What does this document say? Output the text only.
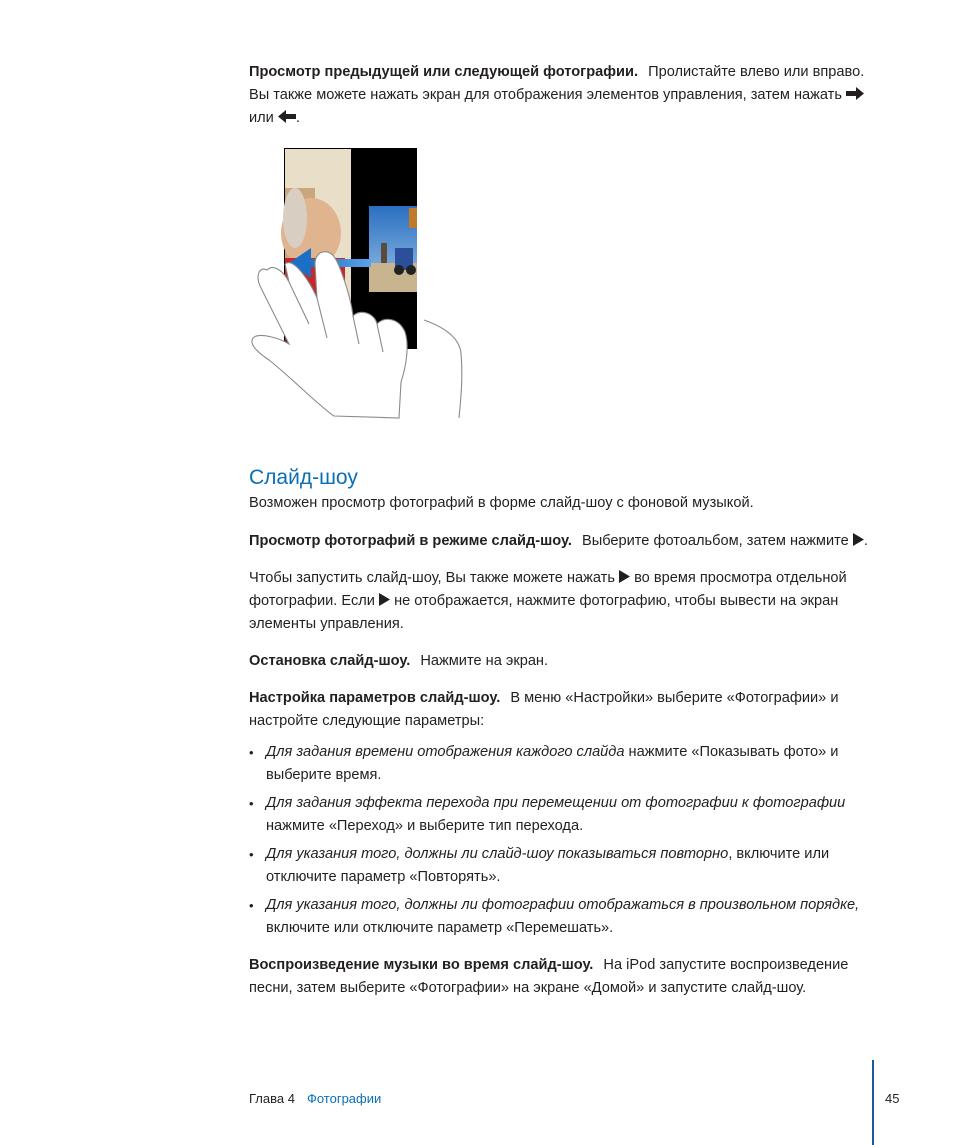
Просмотр предыдущей или следующей фотографии. Пролистайте влево или вправо. Вы также можете нажать экран для отображения элементов управления, затем нажать
или .

Слайд-шоу

Возможен просмотр фотографий в форме слайд-шоу с фоновой музыкой.

Просмотр фотографий в режиме слайд-шоу. Выберите фотоальбом, затем нажмите .

Чтобы запустить слайд-шоу, Вы также можете нажать во время просмотра отдельной фотографии. Если не отображается, нажмите фотографию, чтобы вывести на экран элементы управления.

Остановка слайд-шоу. Нажмите на экран.

Настройка параметров слайд-шоу. В меню «Настройки» выберите «Фотографии» и настройте следующие параметры:

• Для задания времени отображения каждого слайда нажмите «Показывать фото» и выберите время.
• Для задания эффекта перехода при перемещении от фотографии к фотографии нажмите «Переход» и выберите тип перехода.
• Для указания того, должны ли слайд-шоу показываться повторно, включите или отключите параметр «Повторять».
• Для указания того, должны ли фотографии отображаться в произвольном порядке, включите или отключите параметр «Перемешать».

Воспроизведение музыки во время слайд-шоу. На iPod запустите воспроизведение песни, затем выберите «Фотографии» на экране «Домой» и запустите слайд-шоу.

Глава 4 Фотографии	45
